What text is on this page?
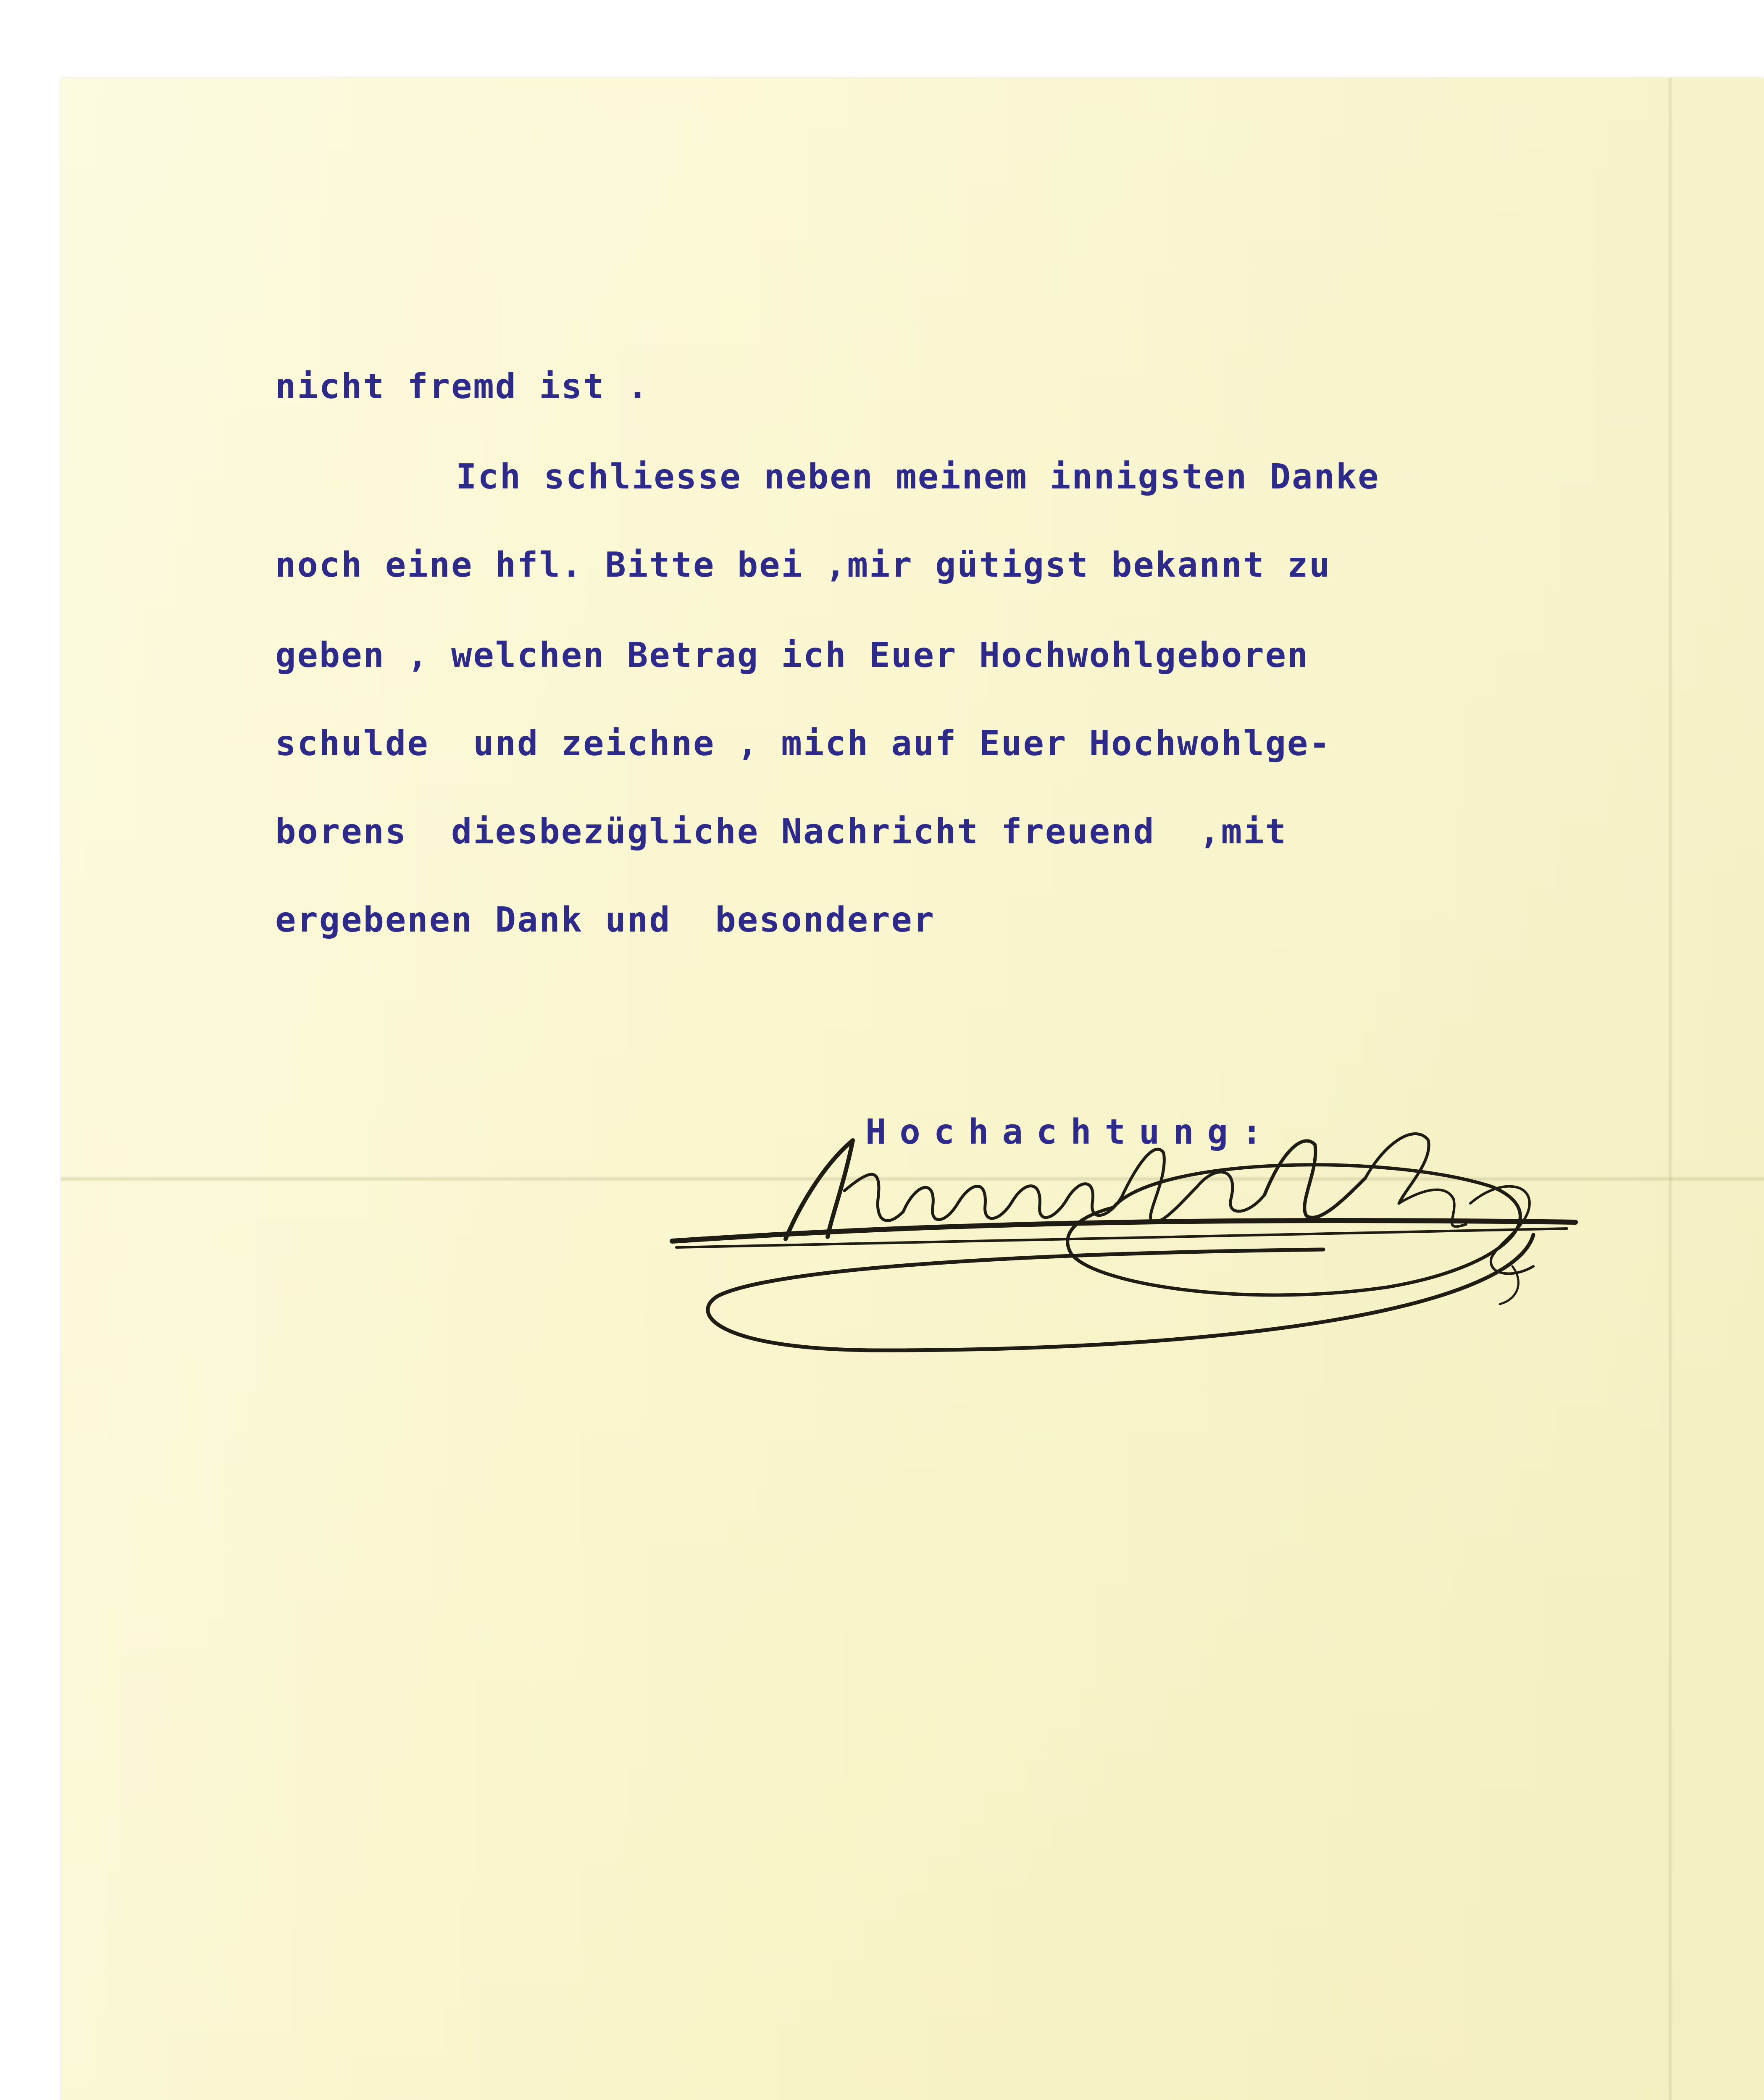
nicht fremd ist .
Ich schliesse neben meinem innigsten Danke
noch eine hfl. Bitte bei ,mir gütigst bekannt zu
geben , welchen Betrag ich Euer Hochwohlgeboren
schulde  und zeichne , mich auf Euer Hochwohlge-
borens  diesbezügliche Nachricht freuend  ,mit
ergebenen Dank und  besonderer
Hochachtung:
